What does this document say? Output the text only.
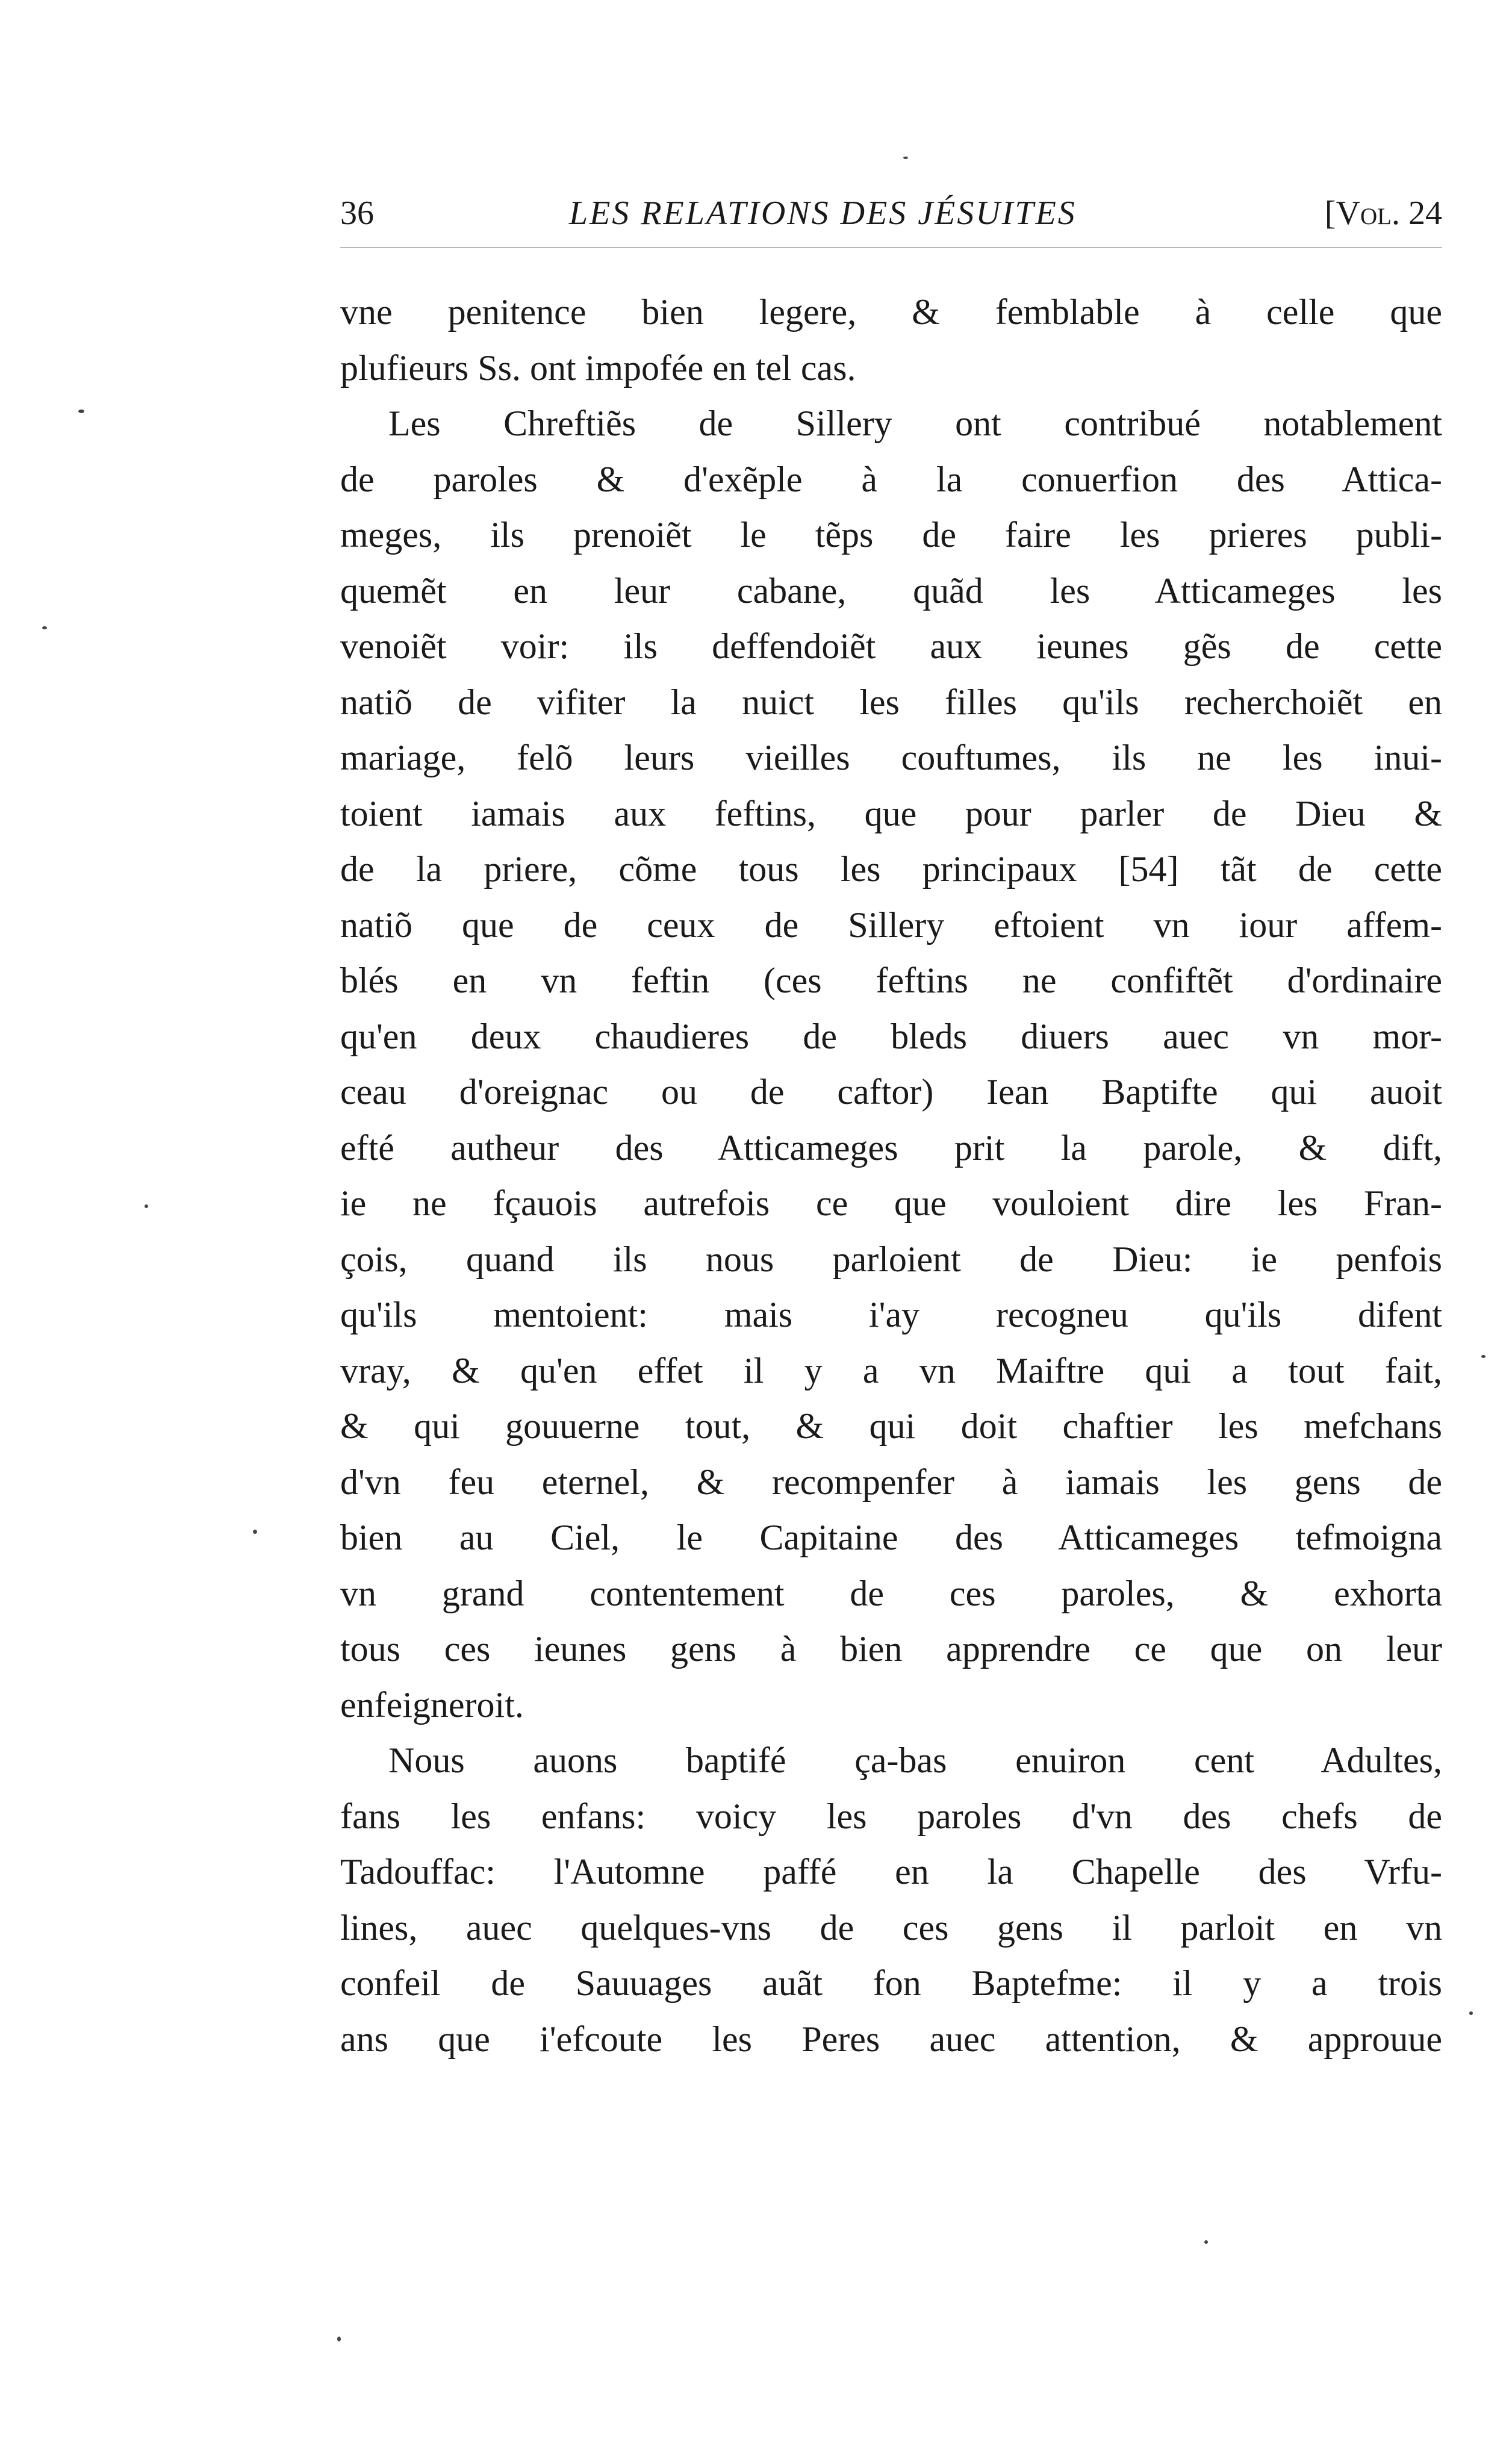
36	LES RELATIONS DES JÉSUITES	[Vol. 24
vne penitence bien legere, & femblable à celle que
plufieurs Ss. ont impofée en tel cas.
Les Chreftiẽs de Sillery ont contribué notablement
de paroles & d'exẽple à la conuerfion des Attica-
meges, ils prenoiẽt le tẽps de faire les prieres publi-
quemẽt en leur cabane, quãd les Atticameges les
venoiẽt voir: ils deffendoiẽt aux ieunes gẽs de cette
natiõ de vifiter la nuict les filles qu'ils recherchoiẽt en
mariage, felõ leurs vieilles couftumes, ils ne les inui-
toient iamais aux feftins, que pour parler de Dieu &
de la priere, cõme tous les principaux [54] tãt de cette
natiõ que de ceux de Sillery eftoient vn iour affem-
blés en vn feftin (ces feftins ne confiftẽt d'ordinaire
qu'en deux chaudieres de bleds diuers auec vn mor-
ceau d'oreignac ou de caftor) Iean Baptifte qui auoit
efté autheur des Atticameges prit la parole, & dift,
ie ne fçauois autrefois ce que vouloient dire les Fran-
çois, quand ils nous parloient de Dieu: ie penfois
qu'ils mentoient: mais i'ay recogneu qu'ils difent
vray, & qu'en effet il y a vn Maiftre qui a tout fait,
& qui gouuerne tout, & qui doit chaftier les mefchans
d'vn feu eternel, & recompenfer à iamais les gens de
bien au Ciel, le Capitaine des Atticameges tefmoigna
vn grand contentement de ces paroles, & exhorta
tous ces ieunes gens à bien apprendre ce que on leur
enfeigneroit.
Nous auons baptifé ça-bas enuiron cent Adultes,
fans les enfans: voicy les paroles d'vn des chefs de
Tadouffac: l'Automne paffé en la Chapelle des Vrfu-
lines, auec quelques-vns de ces gens il parloit en vn
confeil de Sauuages auãt fon Baptefme: il y a trois
ans que i'efcoute les Peres auec attention, & approuue
